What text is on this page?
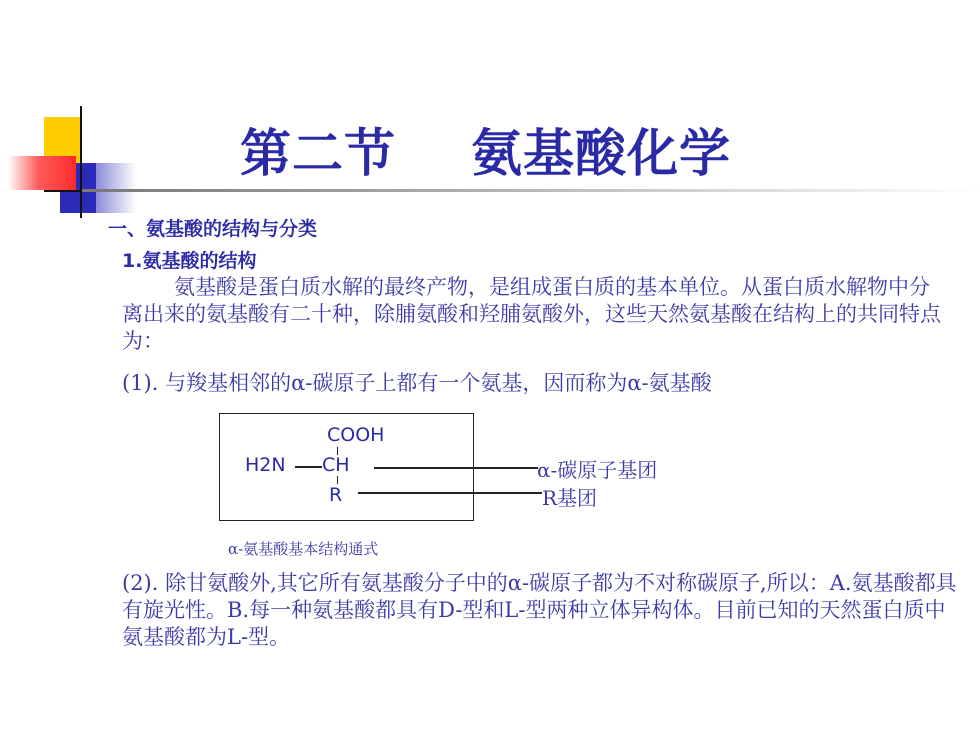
第二节    氨基酸化学
一、氨基酸的结构与分类
1.氨基酸的结构
氨基酸是蛋白质水解的最终产物，是组成蛋白质的基本单位。从蛋白质水解物中分离出来的氨基酸有二十种，除脯氨酸和羟脯氨酸外，这些天然氨基酸在结构上的共同特点为：
(1). 与羧基相邻的α-碳原子上都有一个氨基，因而称为α-氨基酸
COOH
H2N CH
R
α-碳原子基团
R基团
α-氨基酸基本结构通式
(2). 除甘氨酸外,其它所有氨基酸分子中的α-碳原子都为不对称碳原子,所以：A.氨基酸都具有旋光性。B.每一种氨基酸都具有D-型和L-型两种立体异构体。目前已知的天然蛋白质中氨基酸都为L-型。
